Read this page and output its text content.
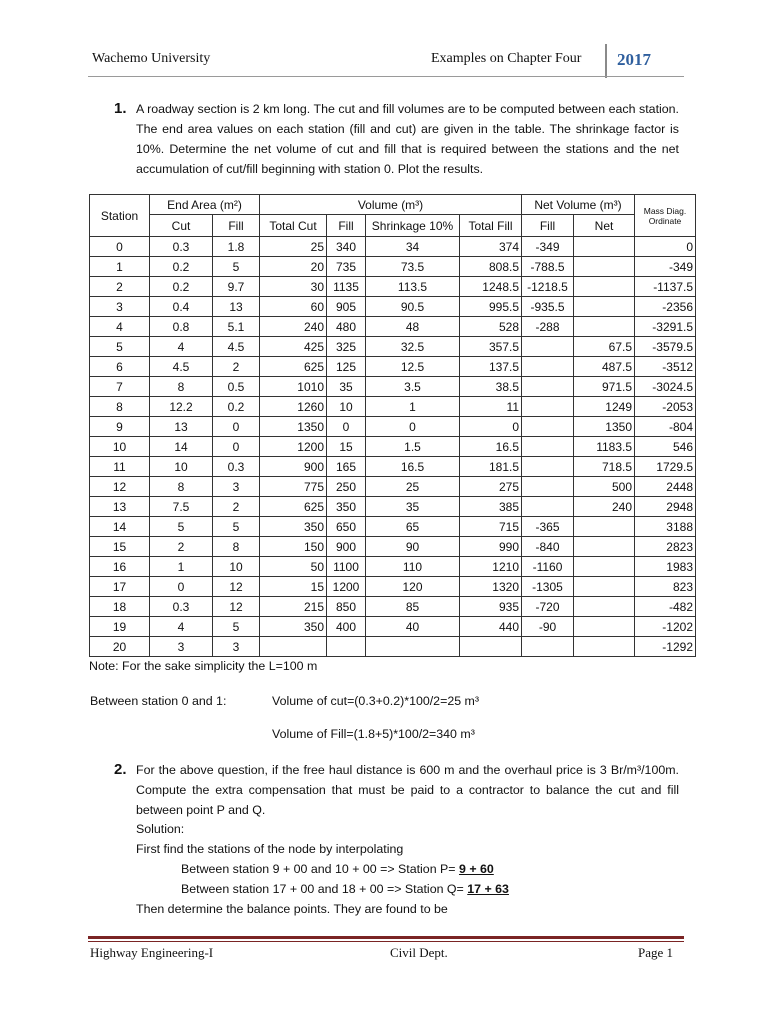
Wachemo University	Examples on Chapter Four 2017
1. A roadway section is 2 km long. The cut and fill volumes are to be computed between each station. The end area values on each station (fill and cut) are given in the table. The shrinkage factor is 10%. Determine the net volume of cut and fill that is required between the stations and the net accumulation of cut/fill beginning with station 0. Plot the results.
Station	End Area (m²)		Volume (m³)				Net Volume (m³)		Mass Diag. Ordinate
	Cut	Fill	Total Cut	Fill	Shrinkage 10%	Total Fill	Fill	Net	
0	0.3	1.8	25	340	34	374	-349		0
1	0.2	5	20	735	73.5	808.5	-788.5		-349
2	0.2	9.7	30	1135	113.5	1248.5	-1218.5		-1137.5
3	0.4	13	60	905	90.5	995.5	-935.5		-2356
4	0.8	5.1	240	480	48	528	-288		-3291.5
5	4	4.5	425	325	32.5	357.5		67.5	-3579.5
6	4.5	2	625	125	12.5	137.5		487.5	-3512
7	8	0.5	1010	35	3.5	38.5		971.5	-3024.5
8	12.2	0.2	1260	10	1	11		1249	-2053
9	13	0	1350	0	0	0		1350	-804
10	14	0	1200	15	1.5	16.5		1183.5	546
11	10	0.3	900	165	16.5	181.5		718.5	1729.5
12	8	3	775	250	25	275		500	2448
13	7.5	2	625	350	35	385		240	2948
14	5	5	350	650	65	715	-365		3188
15	2	8	150	900	90	990	-840		2823
16	1	10	50	1100	110	1210	-1160		1983
17	0	12	15	1200	120	1320	-1305		823
18	0.3	12	215	850	85	935	-720		-482
19	4	5	350	400	40	440	-90		-1202
20	3	3							-1292
Note: For the sake simplicity the L=100 m
Between station 0 and 1:	Volume of cut=(0.3+0.2)*100/2=25 m³
Volume of Fill=(1.8+5)*100/2=340 m³
2. For the above question, if the free haul distance is 600 m and the overhaul price is 3 Br/m³/100m. Compute the extra compensation that must be paid to a contractor to balance the cut and fill between point P and Q.
Solution:
First find the stations of the node by interpolating
Between station 9 + 00 and 10 + 00 => Station P= 9 + 60
Between station 17 + 00 and 18 + 00 => Station Q= 17 + 63
Then determine the balance points. They are found to be
Highway Engineering-I	Civil Dept.	Page 1
